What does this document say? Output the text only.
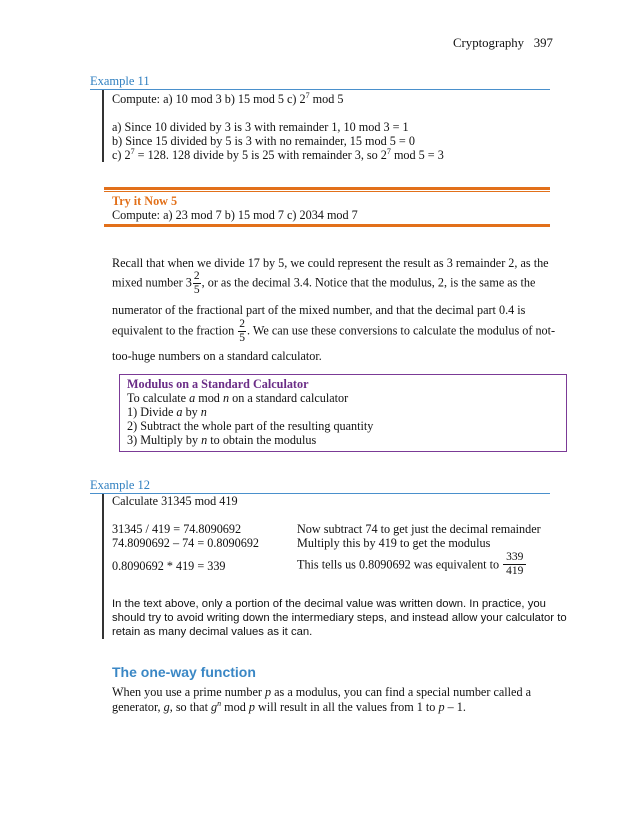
Cryptography 397
Example 11
Compute: a) 10 mod 3 b) 15 mod 5 c) $2^7$ mod 5
a) Since 10 divided by 3 is 3 with remainder 1, 10 mod 3 = 1
b) Since 15 divided by 5 is 3 with no remainder, 15 mod 5 = 0
c) $2^7 = 128$. 128 divide by 5 is 25 with remainder 3, so $2^7$ mod 5 = 3
Try it Now 5
Compute: a) 23 mod 7 b) 15 mod 7 c) 2034 mod 7
Recall that when we divide 17 by 5, we could represent the result as 3 remainder 2, as the
mixed number $3 \frac{2}{5}$ , or as the decimal 3.4. Notice that the modulus, 2, is the same as the
numerator of the fractional part of the mixed number, and that the decimal part 0.4 is
equivalent to the fraction $\frac{2}{5}$ . We can use these conversions to calculate the modulus of not-
too-huge numbers on a standard calculator.
Modulus on a Standard Calculator
To calculate a mod n on a standard calculator
1) Divide a by n
2) Subtract the whole part of the resulting quantity
3) Multiply by n to obtain the modulus
Example 12
Calculate 31345 mod 419
31345 / 419 = 74.8090692	Now subtract 74 to get just the decimal remainder
74.8090692 – 74 = 0.8090692	Multiply this by 419 to get the modulus
0.8090692 * 419 = 339	This tells us 0.8090692 was equivalent to $\frac{339}{419}$
In the text above, only a portion of the decimal value was written down. In practice, you
should try to avoid writing down the intermediary steps, and instead allow your calculator to
retain as many decimal values as it can.
The one-way function
When you use a prime number p as a modulus, you can find a special number called a
generator, g, so that $g^n$ mod p will result in all the values from 1 to p – 1.
